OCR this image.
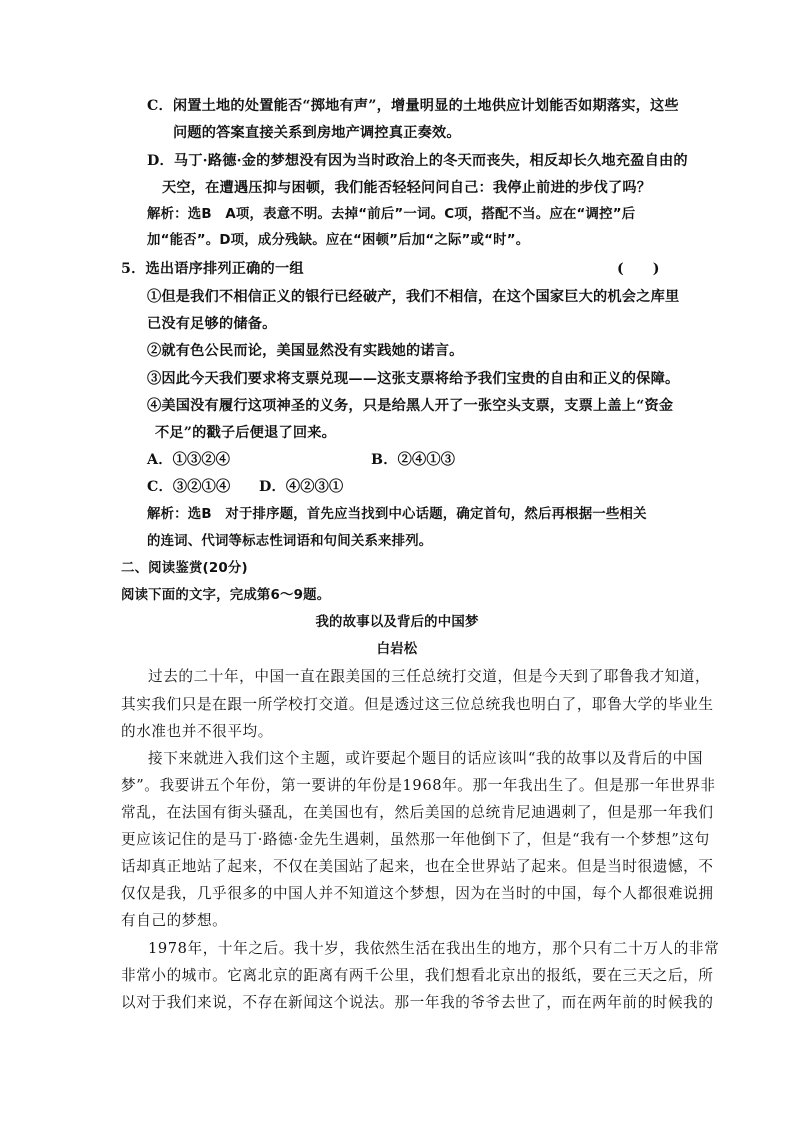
C．闲置土地的处置能否“掷地有声”，增量明显的土地供应计划能否如期落实，这些
问题的答案直接关系到房地产调控真正奏效。
D．马丁·路德·金的梦想没有因为当时政治上的冬天而丧失，相反却长久地充盈自由的
天空，在遭遇压抑与困顿，我们能否轻轻问问自己：我停止前进的步伐了吗？
解析：选B　A项，表意不明。去掉“前后”一词。C项，搭配不当。应在“调控”后
加“能否”。D项，成分残缺。应在“困顿”后加“之际”或“时”。
5．选出语序排列正确的一组	(　　)
①但是我们不相信正义的银行已经破产，我们不相信，在这个国家巨大的机会之库里
已没有足够的储备。
②就有色公民而论，美国显然没有实践她的诺言。
③因此今天我们要求将支票兑现——这张支票将给予我们宝贵的自由和正义的保障。
④美国没有履行这项神圣的义务，只是给黑人开了一张空头支票，支票上盖上“资金
不足”的戳子后便退了回来。
A．①③②④	B．②④①③
C．③②①④ D．④②③①
解析：选B　对于排序题，首先应当找到中心话题，确定首句，然后再根据一些相关
的连词、代词等标志性词语和句间关系来排列。
二、阅读鉴赏(20分)
阅读下面的文字，完成第6～9题。
我的故事以及背后的中国梦
白岩松
过去的二十年，中国一直在跟美国的三任总统打交道，但是今天到了耶鲁我才知道，
其实我们只是在跟一所学校打交道。但是透过这三位总统我也明白了，耶鲁大学的毕业生
的水准也并不很平均。
接下来就进入我们这个主题，或许要起个题目的话应该叫“我的故事以及背后的中国
梦”。我要讲五个年份，第一要讲的年份是1968年。那一年我出生了。但是那一年世界非
常乱，在法国有街头骚乱，在美国也有，然后美国的总统肯尼迪遇刺了，但是那一年我们
更应该记住的是马丁·路德·金先生遇刺，虽然那一年他倒下了，但是“我有一个梦想”这句
话却真正地站了起来，不仅在美国站了起来，也在全世界站了起来。但是当时很遗憾，不
仅仅是我，几乎很多的中国人并不知道这个梦想，因为在当时的中国，每个人都很难说拥
有自己的梦想。
1978年，十年之后。我十岁，我依然生活在我出生的地方，那个只有二十万人的非常
非常小的城市。它离北京的距离有两千公里，我们想看北京出的报纸，要在三天之后，所
以对于我们来说，不存在新闻这个说法。那一年我的爷爷去世了，而在两年前的时候我的
